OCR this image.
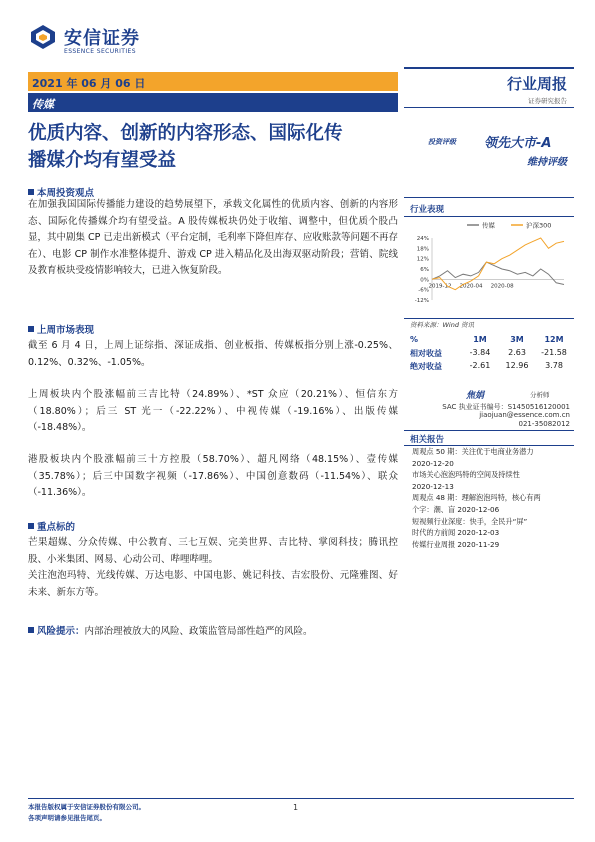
安信证券
ESSENCE SECURITIES
2021 年 06 月 06 日
传媒
优质内容、创新的内容形态、国际化传
播媒介均有望受益
行业周报
证券研究报告
投资评级 领先大市-A
维持评级
本周投资观点
在加强我国国际传播能力建设的趋势展望下，承载文化属性的优质内容、创新的内容形态、国际化传播媒介均有望受益。A 股传媒板块仍处于收缩、调整中，但优质个股凸显，其中剧集 CP 已走出新模式（平台定制，毛利率下降但库存、应收账款等问题不再存在）、电影 CP 制作水准整体提升、游戏 CP 进入精品化及出海双驱动阶段；营销、院线及教育板块受疫情影响较大，已进入恢复阶段。
上周市场表现
截至 6 月 4 日，上周上证综指、深证成指、创业板指、传媒板指分别上涨-0.25%、0.12%、0.32%、-1.05%。
上周板块内个股涨幅前三吉比特（24.89%）、*ST 众应（20.21%）、恒信东方（18.80%）；后三 ST 光一（-22.22%）、中视传媒（-19.16%）、出版传媒（-18.48%）。
港股板块内个股涨幅前三十方控股（58.70%）、超凡网络（48.15%）、壹传媒（35.78%）；后三中国数字视频（-17.86%）、中国创意数码（-11.54%）、联众（-11.36%）。
重点标的
芒果超媒、分众传媒、中公教育、三七互娱、完美世界、吉比特、掌阅科技；腾讯控股、小米集团、网易、心动公司、哔哩哔哩。
关注泡泡玛特、光线传媒、万达电影、中国电影、姚记科技、吉宏股份、元隆雅图、好未来、新东方等。
风险提示：内部治理被放大的风险、政策监管局部性趋严的风险。
行业表现
传媒	沪深300
24%
18%
12%
6%
0%
-6%
-12%
2019-12 2020-04 2020-08
资料来源：Wind 资讯
%	1M	3M	12M
相对收益	-3.84	2.63	-21.58
绝对收益	-2.61	12.96	3.78
焦娟	分析师
SAC 执业证书编号：S1450516120001
jiaojuan@essence.com.cn
021-35082012
相关报告
周观点 50 期：关注优于电商业务潜力
2020-12-20
市场关心泡泡玛特的空间及持续性
2020-12-13
周观点 48 期：理解泡泡玛特，核心有两
个字：潮、盲 2020-12-06
短视频行业深度：快手，全民升“屏”
时代的方前闻 2020-12-03
传媒行业周报 2020-11-29
本报告版权属于安信证券股份有限公司。
各项声明请参见报告尾页。
1
